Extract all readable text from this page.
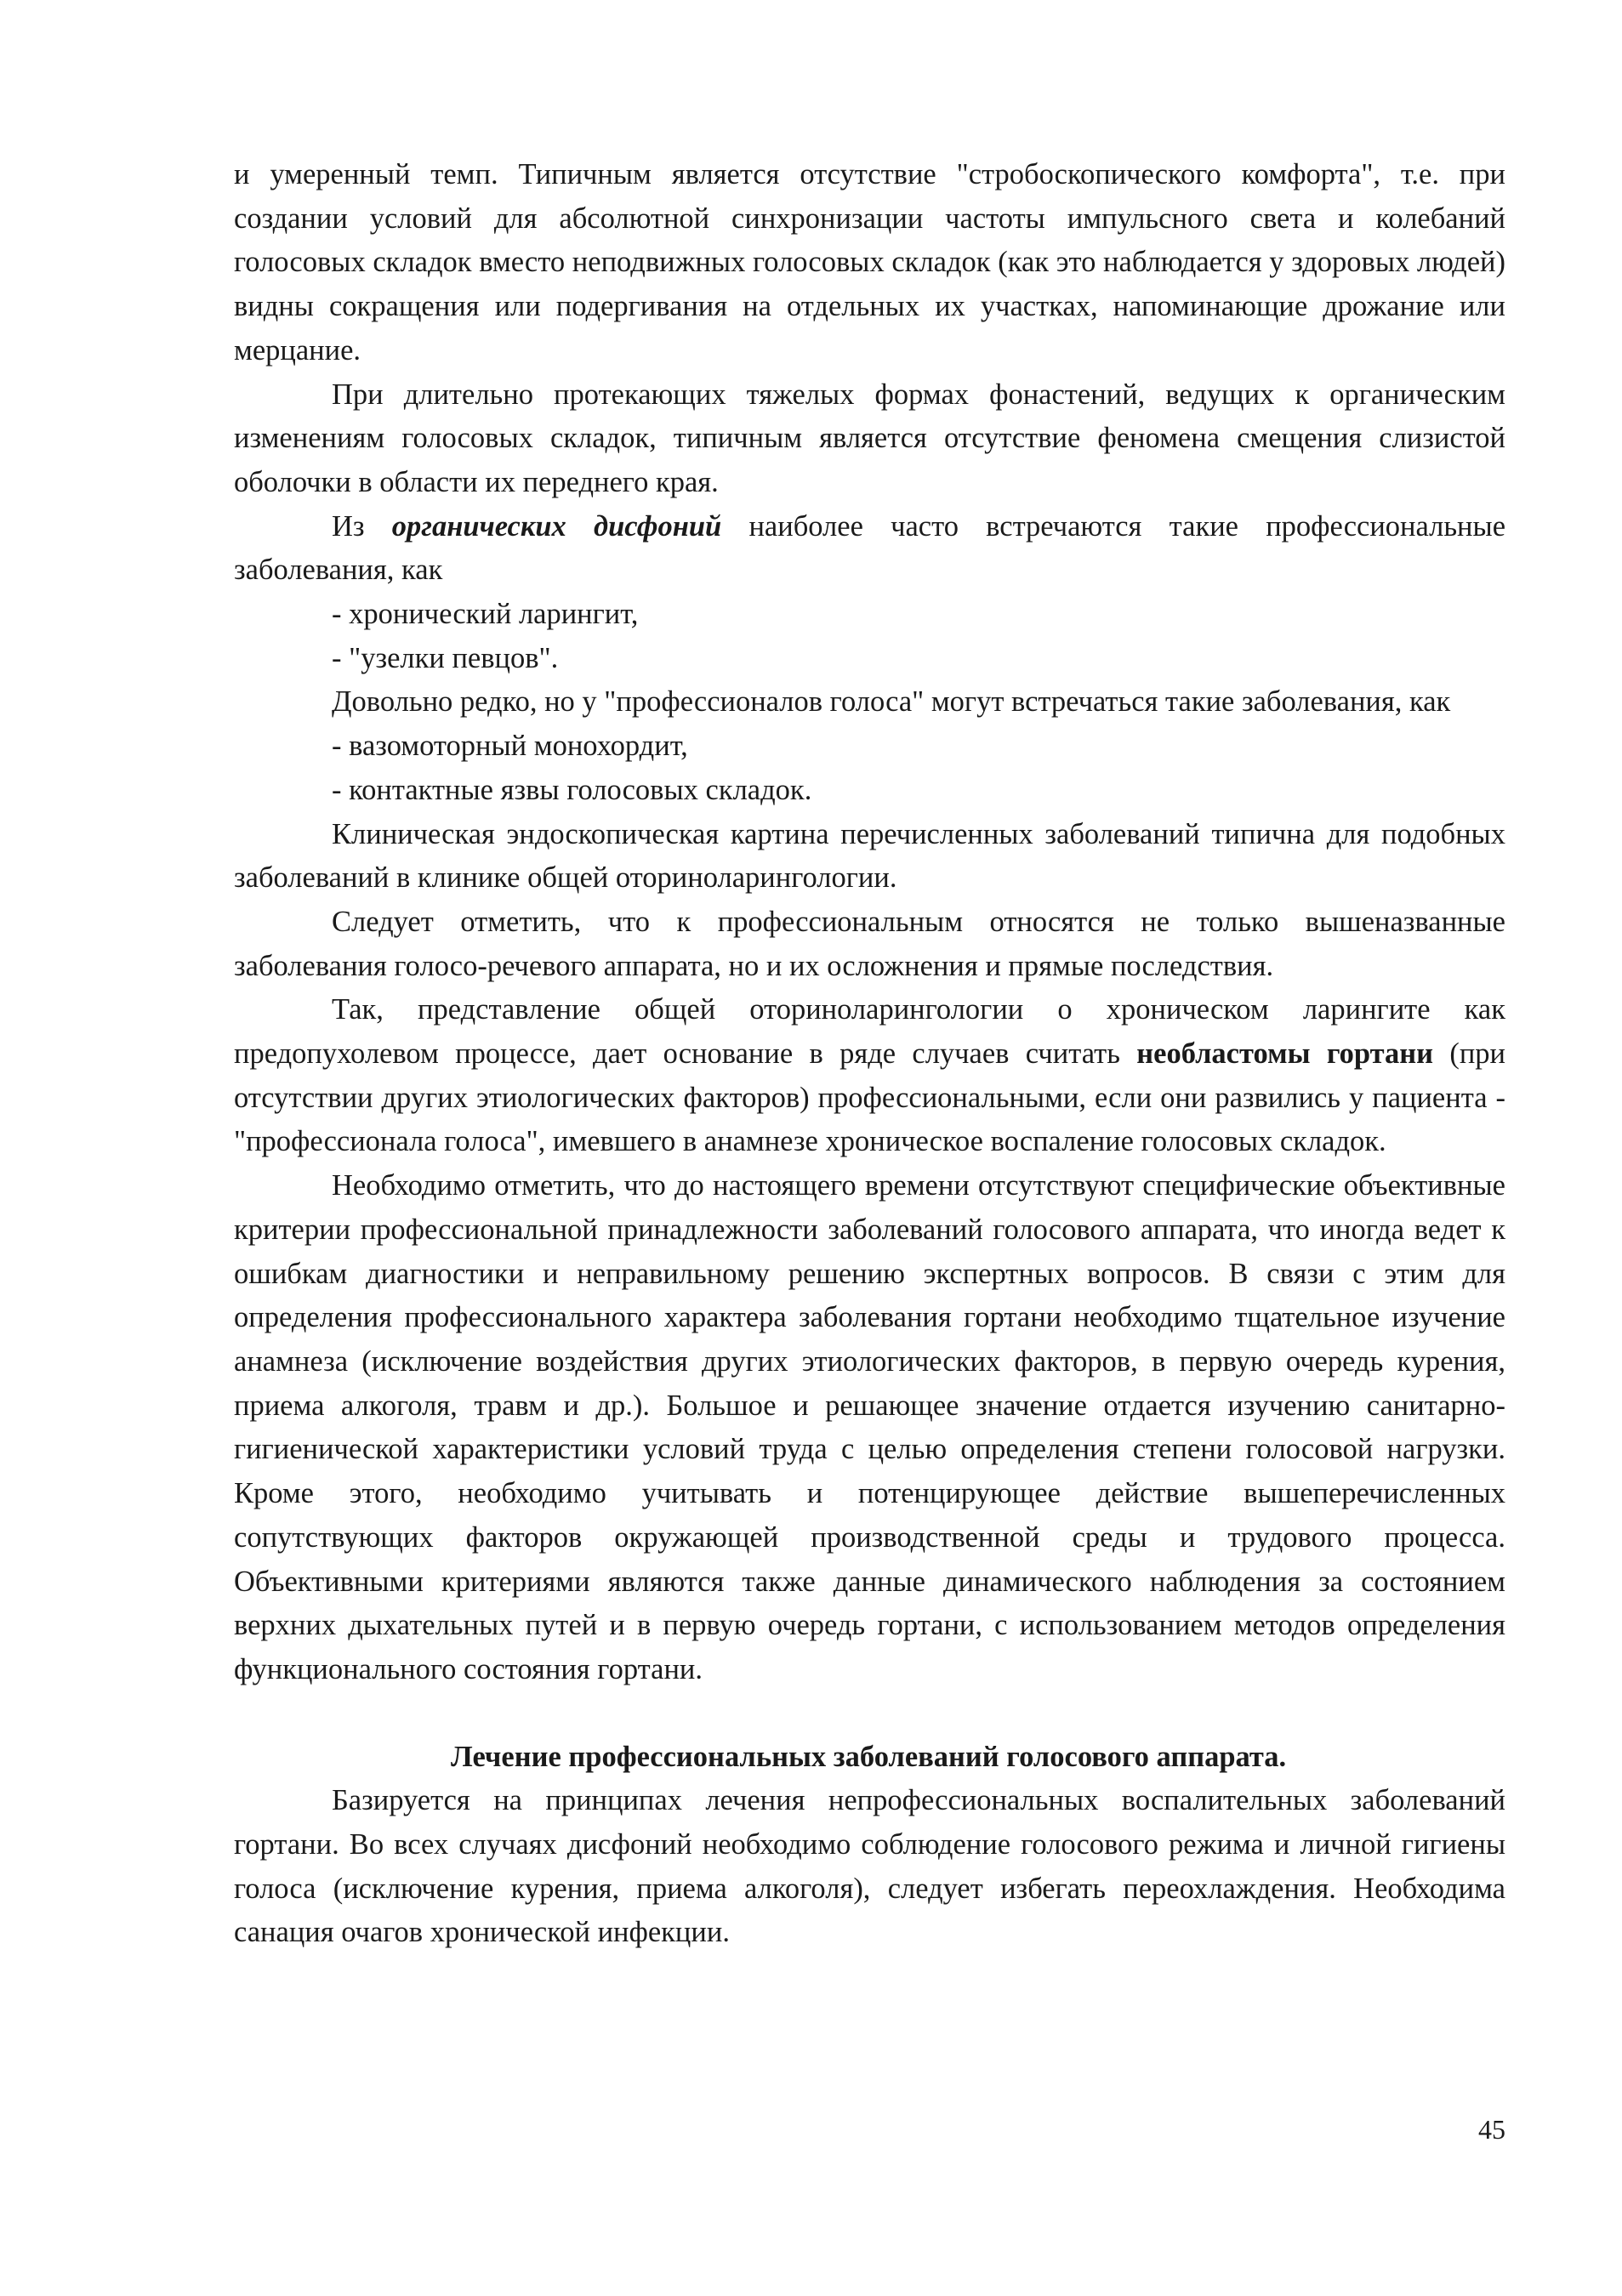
и умеренный темп. Типичным является отсутствие "стробоскопического комфорта", т.е. при создании условий для абсолютной синхронизации частоты импульсного света и колебаний голосовых складок вместо неподвижных голосовых складок (как это наблюдается у здоровых людей) видны сокращения или подергивания на отдельных их участках, напоминающие дрожание или мерцание.

При длительно протекающих тяжелых формах фонастений, ведущих к органическим изменениям голосовых складок, типичным является отсутствие феномена смещения слизистой оболочки в области их переднего края.

Из органических дисфоний наиболее часто встречаются такие профессиональные заболевания, как

- хронический ларингит,

- "узелки певцов".

Довольно редко, но у "профессионалов голоса" могут встречаться такие заболевания, как

- вазомоторный монохордит,

- контактные язвы голосовых складок.

Клиническая эндоскопическая картина перечисленных заболеваний типична для подобных заболеваний в клинике общей оториноларингологии.

Следует отметить, что к профессиональным относятся не только вышеназванные заболевания голосо-речевого аппарата, но и их осложнения и прямые последствия.

Так, представление общей оториноларингологии о хроническом ларингите как предопухолевом процессе, дает основание в ряде случаев считать необластомы гортани (при отсутствии других этиологических факторов) профессиональными, если они развились у пациента - "профессионала голоса", имевшего в анамнезе хроническое воспаление голосовых складок.

Необходимо отметить, что до настоящего времени отсутствуют специфические объективные критерии профессиональной принадлежности заболеваний голосового аппарата, что иногда ведет к ошибкам диагностики и неправильному решению экспертных вопросов. В связи с этим для определения профессионального характера заболевания гортани необходимо тщательное изучение анамнеза (исключение воздействия других этиологических факторов, в первую очередь курения, приема алкоголя, травм и др.). Большое и решающее значение отдается изучению санитарно-гигиенической характеристики условий труда с целью определения степени голосовой нагрузки. Кроме этого, необходимо учитывать и потенцирующее действие вышеперечисленных сопутствующих факторов окружающей производственной среды и трудового процесса. Объективными критериями являются также данные динамического наблюдения за состоянием верхних дыхательных путей и в первую очередь гортани, с использованием методов определения функционального состояния гортани.

Лечение профессиональных заболеваний голосового аппарата.

Базируется на принципах лечения непрофессиональных воспалительных заболеваний гортани. Во всех случаях дисфоний необходимо соблюдение голосового режима и личной гигиены голоса (исключение курения, приема алкоголя), следует избегать переохлаждения. Необходима санация очагов хронической инфекции.

45
